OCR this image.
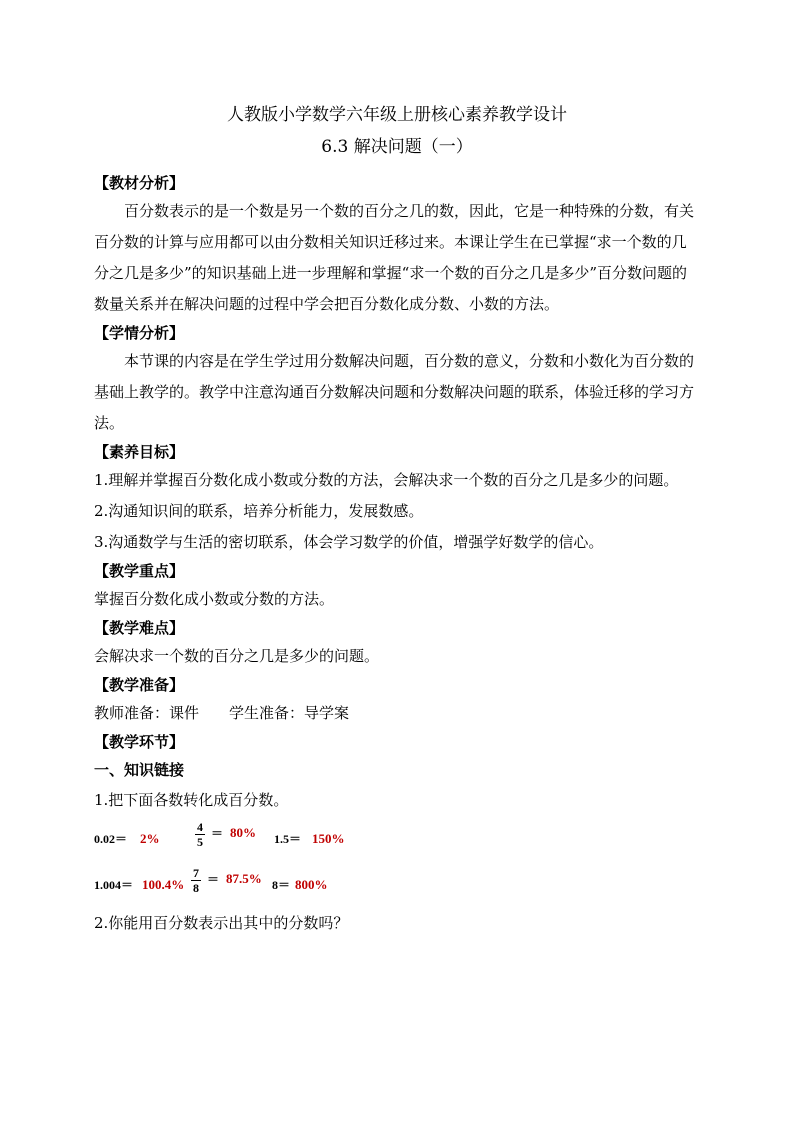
人教版小学数学六年级上册核心素养教学设计
6.3 解决问题（一）
【教材分析】

百分数表示的是一个数是另一个数的百分之几的数，因此，它是一种特殊的分数，有关百分数的计算与应用都可以由分数相关知识迁移过来。本课让学生在已掌握“求一个数的几分之几是多少”的知识基础上进一步理解和掌握“求一个数的百分之几是多少”百分数问题的数量关系并在解决问题的过程中学会把百分数化成分数、小数的方法。

【学情分析】

本节课的内容是在学生学过用分数解决问题，百分数的意义，分数和小数化为百分数的基础上教学的。教学中注意沟通百分数解决问题和分数解决问题的联系，体验迁移的学习方法。

【素养目标】

1.理解并掌握百分数化成小数或分数的方法，会解决求一个数的百分之几是多少的问题。

2.沟通知识间的联系，培养分析能力，发展数感。

3.沟通数学与生活的密切联系，体会学习数学的价值，增强学好数学的信心。

【教学重点】

掌握百分数化成小数或分数的方法。

【教学难点】

会解决求一个数的百分之几是多少的问题。

【教学准备】

教师准备：课件　　学生准备：导学案

【教学环节】

一、知识链接

1.把下面各数转化成百分数。

0.02＝ 2%	$\frac{4}{5} = 80\%$ 1.5＝ 150%
$1.004= 100.4\% \frac{7}{8} = 87.5\%$ 8＝ 800%

2.你能用百分数表示出其中的分数吗？
